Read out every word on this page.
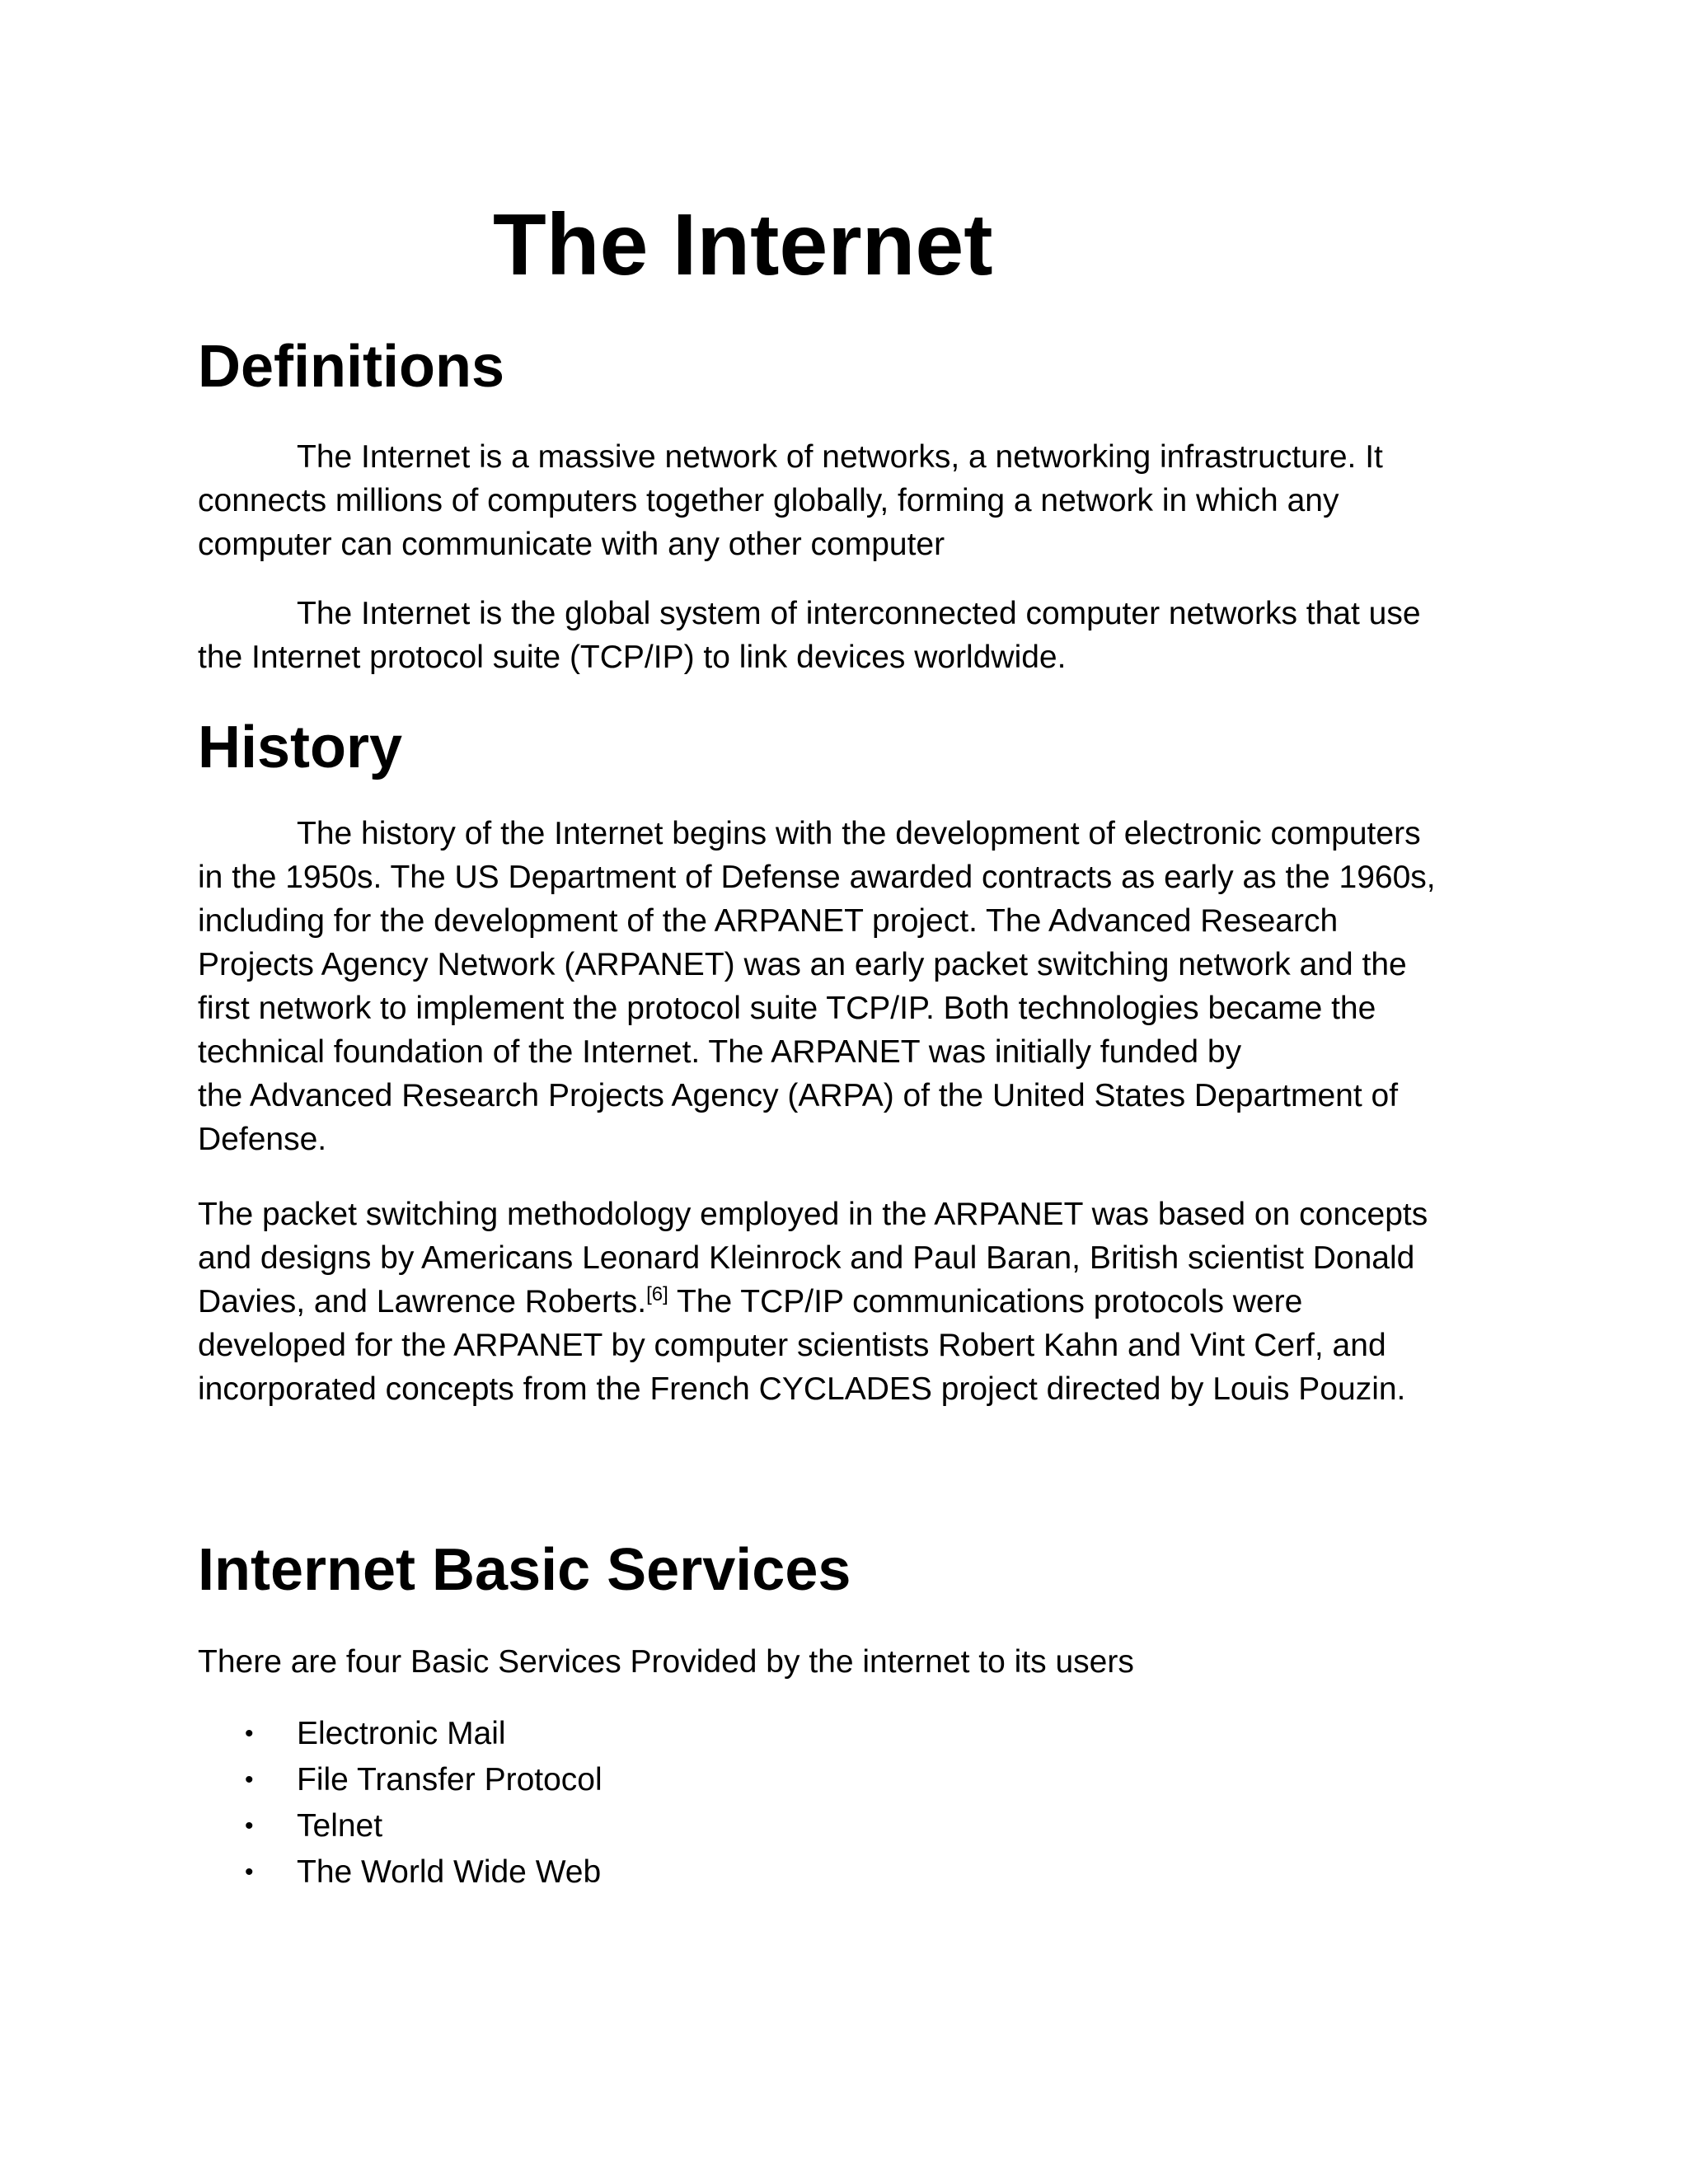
The Internet
Definitions

The Internet is a massive network of networks, a networking infrastructure. It
connects millions of computers together globally, forming a network in which any
computer can communicate with any other computer

The Internet is the global system of interconnected computer networks that use
the Internet protocol suite (TCP/IP) to link devices worldwide.

History

The history of the Internet begins with the development of electronic computers
in the 1950s. The US Department of Defense awarded contracts as early as the 1960s,
including for the development of the ARPANET project. The Advanced Research
Projects Agency Network (ARPANET) was an early packet switching network and the
first network to implement the protocol suite TCP/IP. Both technologies became the
technical foundation of the Internet. The ARPANET was initially funded by
the Advanced Research Projects Agency (ARPA) of the United States Department of
Defense.

The packet switching methodology employed in the ARPANET was based on concepts
and designs by Americans Leonard Kleinrock and Paul Baran, British scientist Donald
Davies, and Lawrence Roberts.[6] The TCP/IP communications protocols were
developed for the ARPANET by computer scientists Robert Kahn and Vint Cerf, and
incorporated concepts from the French CYCLADES project directed by Louis Pouzin.

Internet Basic Services

There are four Basic Services Provided by the internet to its users

• Electronic Mail
• File Transfer Protocol
• Telnet
• The World Wide Web
